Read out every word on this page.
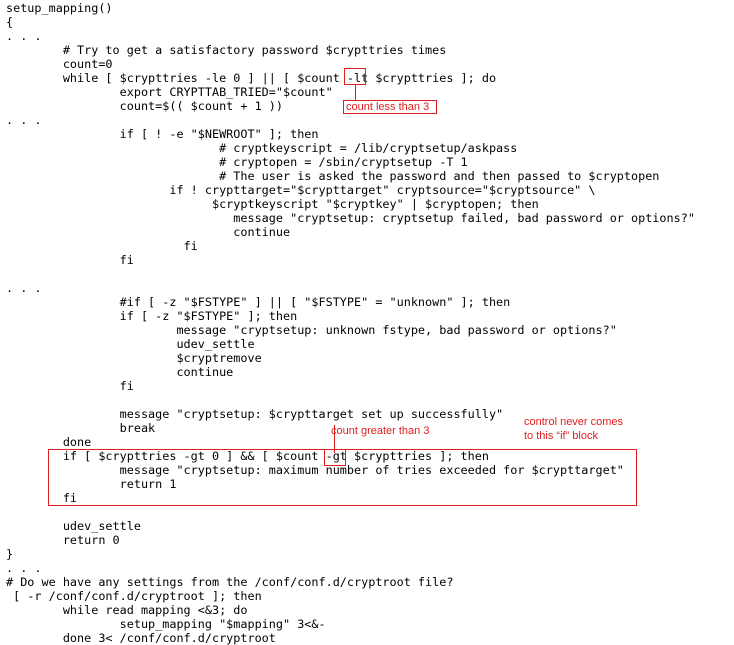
setup_mapping()
{
. . .
# Try to get a satisfactory password $crypttries times
count=0
while [ $crypttries -le 0 ] || [ $count -lt $crypttries ]; do
export CRYPTTAB_TRIED="$count"
count=$(( $count + 1 ))
. . .
if [ ! -e "$NEWROOT" ]; then
# cryptkeyscript = /lib/cryptsetup/askpass
# cryptopen = /sbin/cryptsetup -T 1
# The user is asked the password and then passed to $cryptopen
if ! crypttarget="$crypttarget" cryptsource="$cryptsource" \
$cryptkeyscript "$cryptkey" | $cryptopen; then
message "cryptsetup: cryptsetup failed, bad password or options?"
continue
fi
fi
. . .
#if [ -z "$FSTYPE" ] || [ "$FSTYPE" = "unknown" ]; then
if [ -z "$FSTYPE" ]; then
message "cryptsetup: unknown fstype, bad password or options?"
udev_settle
$cryptremove
continue
fi
message "cryptsetup: $crypttarget set up successfully"
break
done
if [ $crypttries -gt 0 ] && [ $count -gt $crypttries ]; then
message "cryptsetup: maximum number of tries exceeded for $crypttarget"
return 1
fi
udev_settle
return 0
}
. . .
# Do we have any settings from the /conf/conf.d/cryptroot file?
[ -r /conf/conf.d/cryptroot ]; then
while read mapping <&3; do
setup_mapping "$mapping" 3<&-
done 3< /conf/conf.d/cryptroot
count less than 3
count greater than 3
control never comes
to this “if” block
